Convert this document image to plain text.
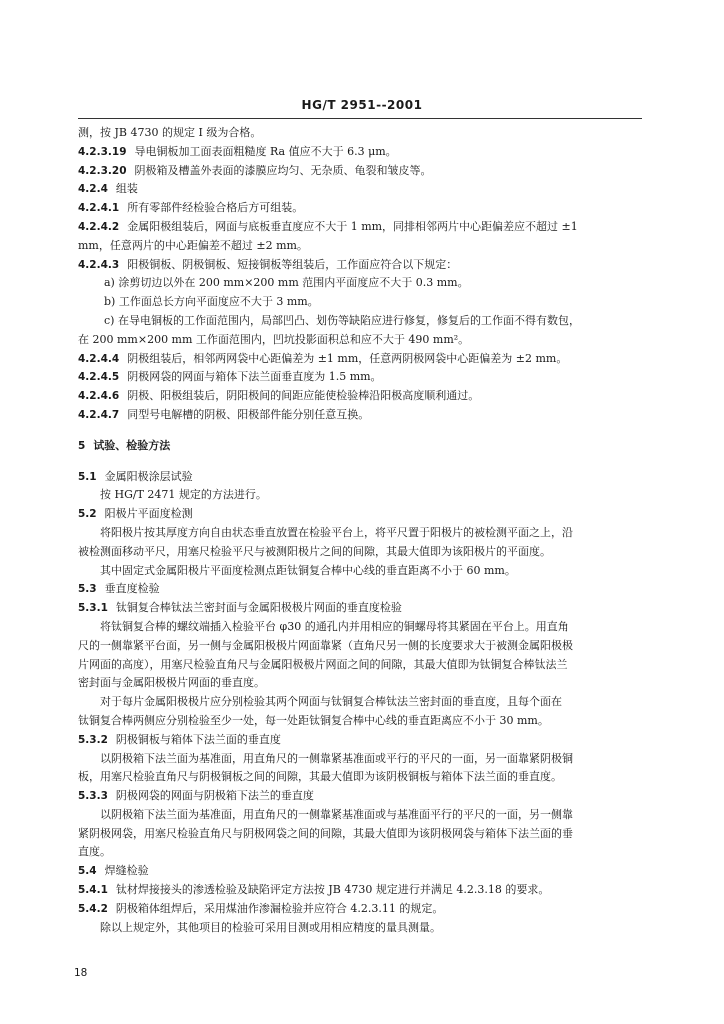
HG/T 2951--2001
测，按 JB 4730 的规定 Ⅰ 级为合格。
4.2.3.19 导电铜板加工面表面粗糙度 Ra 值应不大于 6.3 μm。
4.2.3.20 阴极箱及槽盖外表面的漆膜应均匀、无杂质、龟裂和皱皮等。
4.2.4 组装
4.2.4.1 所有零部件经检验合格后方可组装。
4.2.4.2 金属阳极组装后，网面与底板垂直度应不大于 1 mm，同排相邻两片中心距偏差应不超过 ±1
mm，任意两片的中心距偏差不超过 ±2 mm。
4.2.4.3 阳极铜板、阴极铜板、短接铜板等组装后，工作面应符合以下规定：
a) 涂剪切边以外在 200 mm×200 mm 范围内平面度应不大于 0.3 mm。
b) 工作面总长方向平面度应不大于 3 mm。
c) 在导电铜板的工作面范围内，局部凹凸、划伤等缺陷应进行修复，修复后的工作面不得有数包，
在 200 mm×200 mm 工作面范围内，凹坑投影面积总和应不大于 490 mm²。
4.2.4.4 阴极组装后，相邻两网袋中心距偏差为 ±1 mm，任意两阴极网袋中心距偏差为 ±2 mm。
4.2.4.5 阴极网袋的网面与箱体下法兰面垂直度为 1.5 mm。
4.2.4.6 阴极、阳极组装后，阴阳极间的间距应能使检验棒沿阳极高度顺利通过。
4.2.4.7 同型号电解槽的阴极、阳极部件能分别任意互换。
5 试验、检验方法
5.1 金属阳极涂层试验
按 HG/T 2471 规定的方法进行。
5.2 阳极片平面度检测
将阳极片按其厚度方向自由状态垂直放置在检验平台上，将平尺置于阳极片的被检测平面之上，沿
被检测面移动平尺，用塞尺检验平尺与被测阳极片之间的间隙，其最大值即为该阳极片的平面度。
其中固定式金属阳极片平面度检测点距钛铜复合棒中心线的垂直距离不小于 60 mm。
5.3 垂直度检验
5.3.1 钛铜复合棒钛法兰密封面与金属阳极极片网面的垂直度检验
将钛铜复合棒的螺纹端插入检验平台 φ30 的通孔内并用相应的铜螺母将其紧固在平台上。用直角
尺的一侧靠紧平台面，另一侧与金属阳极极片网面靠紧（直角尺另一侧的长度要求大于被测金属阳极极
片网面的高度），用塞尺检验直角尺与金属阳极极片网面之间的间隙，其最大值即为钛铜复合棒钛法兰
密封面与金属阳极极片网面的垂直度。
对于每片金属阳极极片应分别检验其两个网面与钛铜复合棒钛法兰密封面的垂直度，且每个面在
钛铜复合棒两侧应分别检验至少一处，每一处距钛铜复合棒中心线的垂直距离应不小于 30 mm。
5.3.2 阴极铜板与箱体下法兰面的垂直度
以阴极箱下法兰面为基准面，用直角尺的一侧靠紧基准面或平行的平尺的一面，另一面靠紧阴极铜
板，用塞尺检验直角尺与阴极铜板之间的间隙，其最大值即为该阴极铜板与箱体下法兰面的垂直度。
5.3.3 阴极网袋的网面与阴极箱下法兰的垂直度
以阴极箱下法兰面为基准面，用直角尺的一侧靠紧基准面或与基准面平行的平尺的一面，另一侧靠
紧阴极网袋，用塞尺检验直角尺与阴极网袋之间的间隙，其最大值即为该阴极网袋与箱体下法兰面的垂
直度。
5.4 焊缝检验
5.4.1 钛材焊接接头的渗透检验及缺陷评定方法按 JB 4730 规定进行并满足 4.2.3.18 的要求。
5.4.2 阴极箱体组焊后，采用煤油作渗漏检验并应符合 4.2.3.11 的规定。
除以上规定外，其他项目的检验可采用目测或用相应精度的量具测量。
18
